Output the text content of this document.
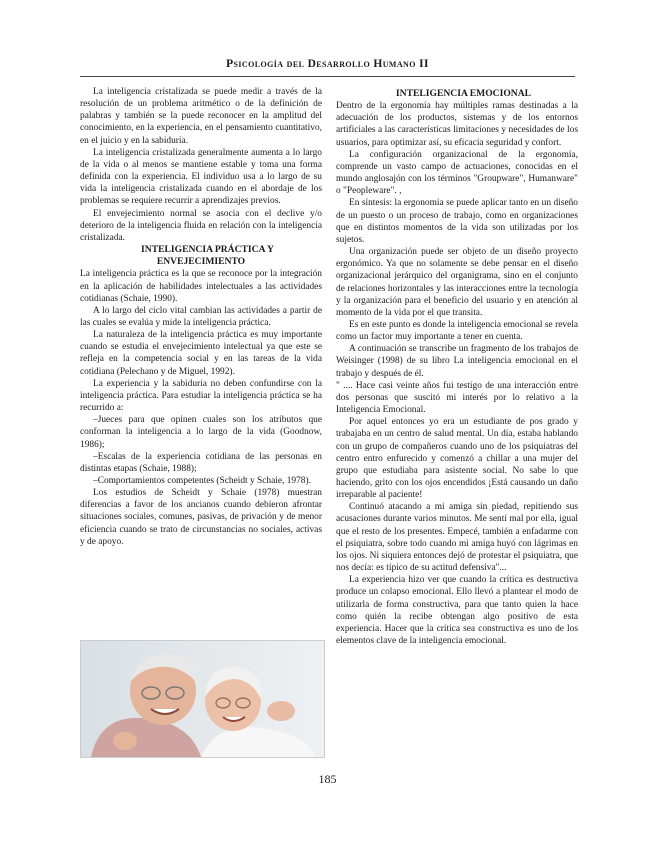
Psicología del Desarrollo Humano II

La inteligencia cristalizada se puede medir a través de la resolución de un problema aritmético o de la definición de palabras y también se la puede reconocer en la amplitud del conocimiento, en la experiencia, en el pensamiento cuantitativo, en el juicio y en la sabiduría.

La inteligencia cristalizada generalmente aumenta a lo largo de la vida o al menos se mantiene estable y toma una forma definida con la experiencia. El individuo usa a lo largo de su vida la inteligencia cristalizada cuando en el abordaje de los problemas se requiere recurrir a aprendizajes previos.

El envejecimiento normal se asocia con el declive y/o deterioro de la inteligencia fluida en relación con la inteligencia cristalizada.

INTELIGENCIA PRÁCTICA Y ENVEJECIMIENTO

La inteligencia práctica es la que se reconoce por la integración en la aplicación de habilidades intelectuales a las actividades cotidianas (Schaie, 1990).

A lo largo del ciclo vital cambian las actividades a partir de las cuales se evalúa y mide la inteligencia práctica.

La naturaleza de la inteligencia práctica es muy importante cuando se estudia el envejecimiento intelectual ya que este se refleja en la competencia social y en las tareas de la vida cotidiana (Pelechano y de Miguel, 1992).

La experiencia y la sabiduría no deben confundirse con la inteligencia práctica. Para estudiar la inteligencia práctica se ha recurrido a:

–Jueces para que opinen cuales son los atributos que conforman la inteligencia a lo largo de la vida (Goodnow, 1986);

–Escalas de la experiencia cotidiana de las personas en distintas etapas (Schaie, 1988);

–Comportamientos competentes (Scheidt y Schaie, 1978).

Los estudios de Scheidt y Schaie (1978) muestran diferencias a favor de los ancianos cuando debieron afrontar situaciones sociales, comunes, pasivas, de privación y de menor eficiencia cuando se trato de circunstancias no sociales, activas y de apoyo.

INTELIGENCIA EMOCIONAL

Dentro de la ergonomía hay múltiples ramas destinadas a la adecuación de los productos, sistemas y de los entornos artificiales a las características limitaciones y necesidades de los usuarios, para optimizar así, su eficacia seguridad y confort.

La configuración organizacional de la ergonomía, comprende un vasto campo de actuaciones, conocidas en el mundo anglosajón con los términos "Groupware", Humanware" o "Peopleware". ,

En síntesis: la ergonomía se puede aplicar tanto en un diseño de un puesto o un proceso de trabajo, como en organizaciones que en distintos momentos de la vida son utilizadas por los sujetos.

Una organización puede ser objeto de un diseño proyecto ergonómico. Ya que no solamente se debe pensar en el diseño organizacional jerárquico del organigrama, sino en el conjunto de relaciones horizontales y las interacciones entre la tecnología y la organización para el beneficio del usuario y en atención al momento de la vida por el que transita.

Es en este punto es donde la inteligencia emocional se revela como un factor muy importante a tener en cuenta.

A continuación se transcribe un fragmento de los trabajos de Weisinger (1998) de su libro La inteligencia emocional en el trabajo y después de él.

" .... Hace casi veinte años fui testigo de una interacción entre dos personas que suscitó mi interés por lo relativo a la Inteligencia Emocional.

Por aquel entonces yo era un estudiante de pos grado y trabajaba en un centro de salud mental. Un día, estaba hablando con un grupo de compañeros cuando uno de los psiquiatras del centro entro enfurecido y comenzó a chillar a una mujer del grupo que estudiaba para asistente social. No sabe lo que haciendo, grito con los ojos encendidos ¡Está causando un daño irreparable al paciente!

Continuó atacando a mi amiga sin piedad, repitiendo sus acusaciones durante varios minutos. Me sentí mal por ella, igual que el resto de los presentes. Empecé, también a enfadarme con el psiquiatra, sobre todo cuando mi amiga huyó con lágrimas en los ojos. Ni siquiera entonces dejó de protestar el psiquiatra, que nos decía: es típico de su actitud defensiva"...

La experiencia hizo ver que cuando la crítica es destructiva produce un colapso emocional. Ello llevó a plantear el modo de utilizarla de forma constructiva, para que tanto quien la hace como quién la recibe obtengan algo positivo de esta experiencia. Hacer que la crítica sea constructiva es uno de los elementos clave de la inteligencia emocional.

185
